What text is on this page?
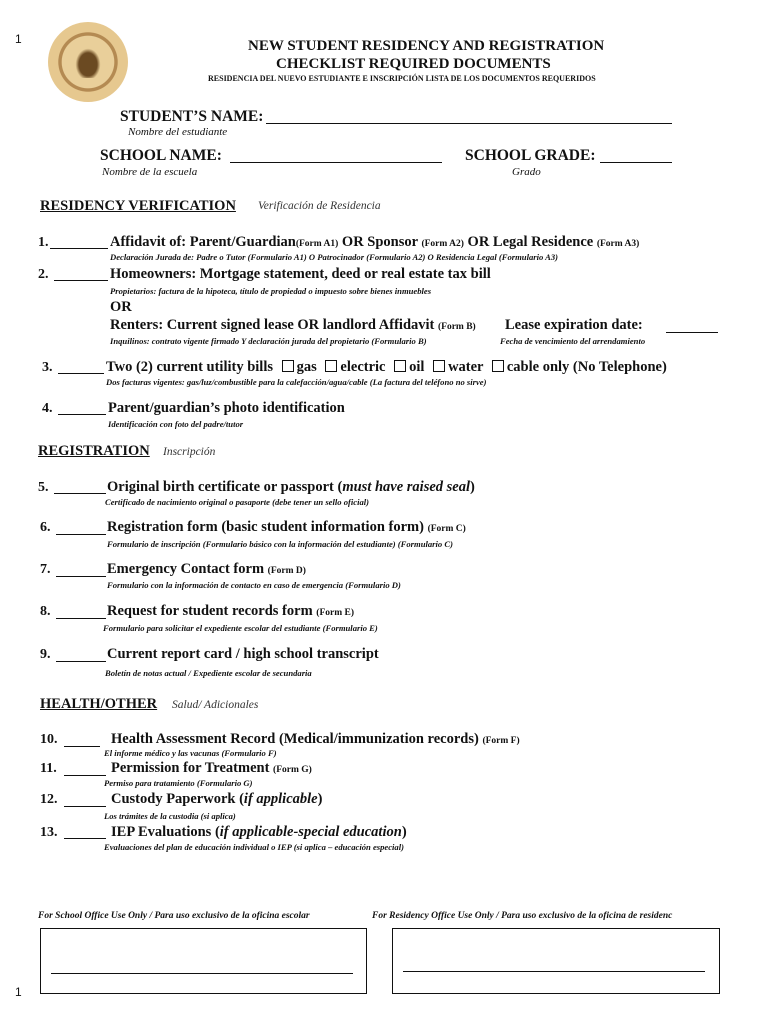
1
1
NEW STUDENT RESIDENCY AND REGISTRATION
CHECKLIST REQUIRED DOCUMENTS
RESIDENCIA DEL NUEVO ESTUDIANTE E INSCRIPCIÓN LISTA DE LOS DOCUMENTOS REQUERIDOS
STUDENT’S NAME:
Nombre del estudiante
SCHOOL NAME:
Nombre de la escuela
SCHOOL GRADE:
Grado
RESIDENCY VERIFICATION Verificación de Residencia
1.	Affidavit of: Parent/Guardian(Form A1) OR Sponsor (Form A2) OR Legal Residence (Form A3)
Declaración Jurada de: Padre o Tutor (Formulario A1) O Patrocinador (Formulario A2) O Residencia Legal (Formulario A3)
2.	Homeowners: Mortgage statement, deed or real estate tax bill
Propietarios: factura de la hipoteca, título de propiedad o impuesto sobre bienes inmuebles
OR
Renters: Current signed lease OR landlord Affidavit (Form B) Lease expiration date:
Inquilinos: contrato vigente firmado Y declaración jurada del propietario (Formulario B)	Fecha de vencimiento del arrendamiento
3.	Two (2) current utility bills gas electric oil water cable only (No Telephone)
Dos facturas vigentes: gas/luz/combustible para la calefacción/agua/cable (La factura del teléfono no sirve)
4.	Parent/guardian’s photo identification
Identificación con foto del padre/tutor
REGISTRATION Inscripción
5.	Original birth certificate or passport (must have raised seal)
Certificado de nacimiento original o pasaporte (debe tener un sello oficial)
6.	Registration form (basic student information form) (Form C)
Formulario de inscripción (Formulario básico con la información del estudiante) (Formulario C)
7.	Emergency Contact form (Form D)
Formulario con la información de contacto en caso de emergencia (Formulario D)
8.	Request for student records form (Form E)
Formulario para solicitar el expediente escolar del estudiante (Formulario E)
9.	Current report card / high school transcript
Boletín de notas actual / Expediente escolar de secundaria
HEALTH/OTHER Salud/ Adicionales
10.	Health Assessment Record (Medical/immunization records) (Form F)
El informe médico y las vacunas (Formulario F)
11.	Permission for Treatment (Form G)
Permiso para tratamiento (Formulario G)
12.	Custody Paperwork (if applicable)
Los trámites de la custodia (si aplica)
13.	IEP Evaluations (if applicable-special education)
Evaluaciones del plan de educación individual o IEP (si aplica – educación especial)
For School Office Use Only / Para uso exclusivo de la oficina escolar	For Residency Office Use Only / Para uso exclusivo de la oficina de residenc
